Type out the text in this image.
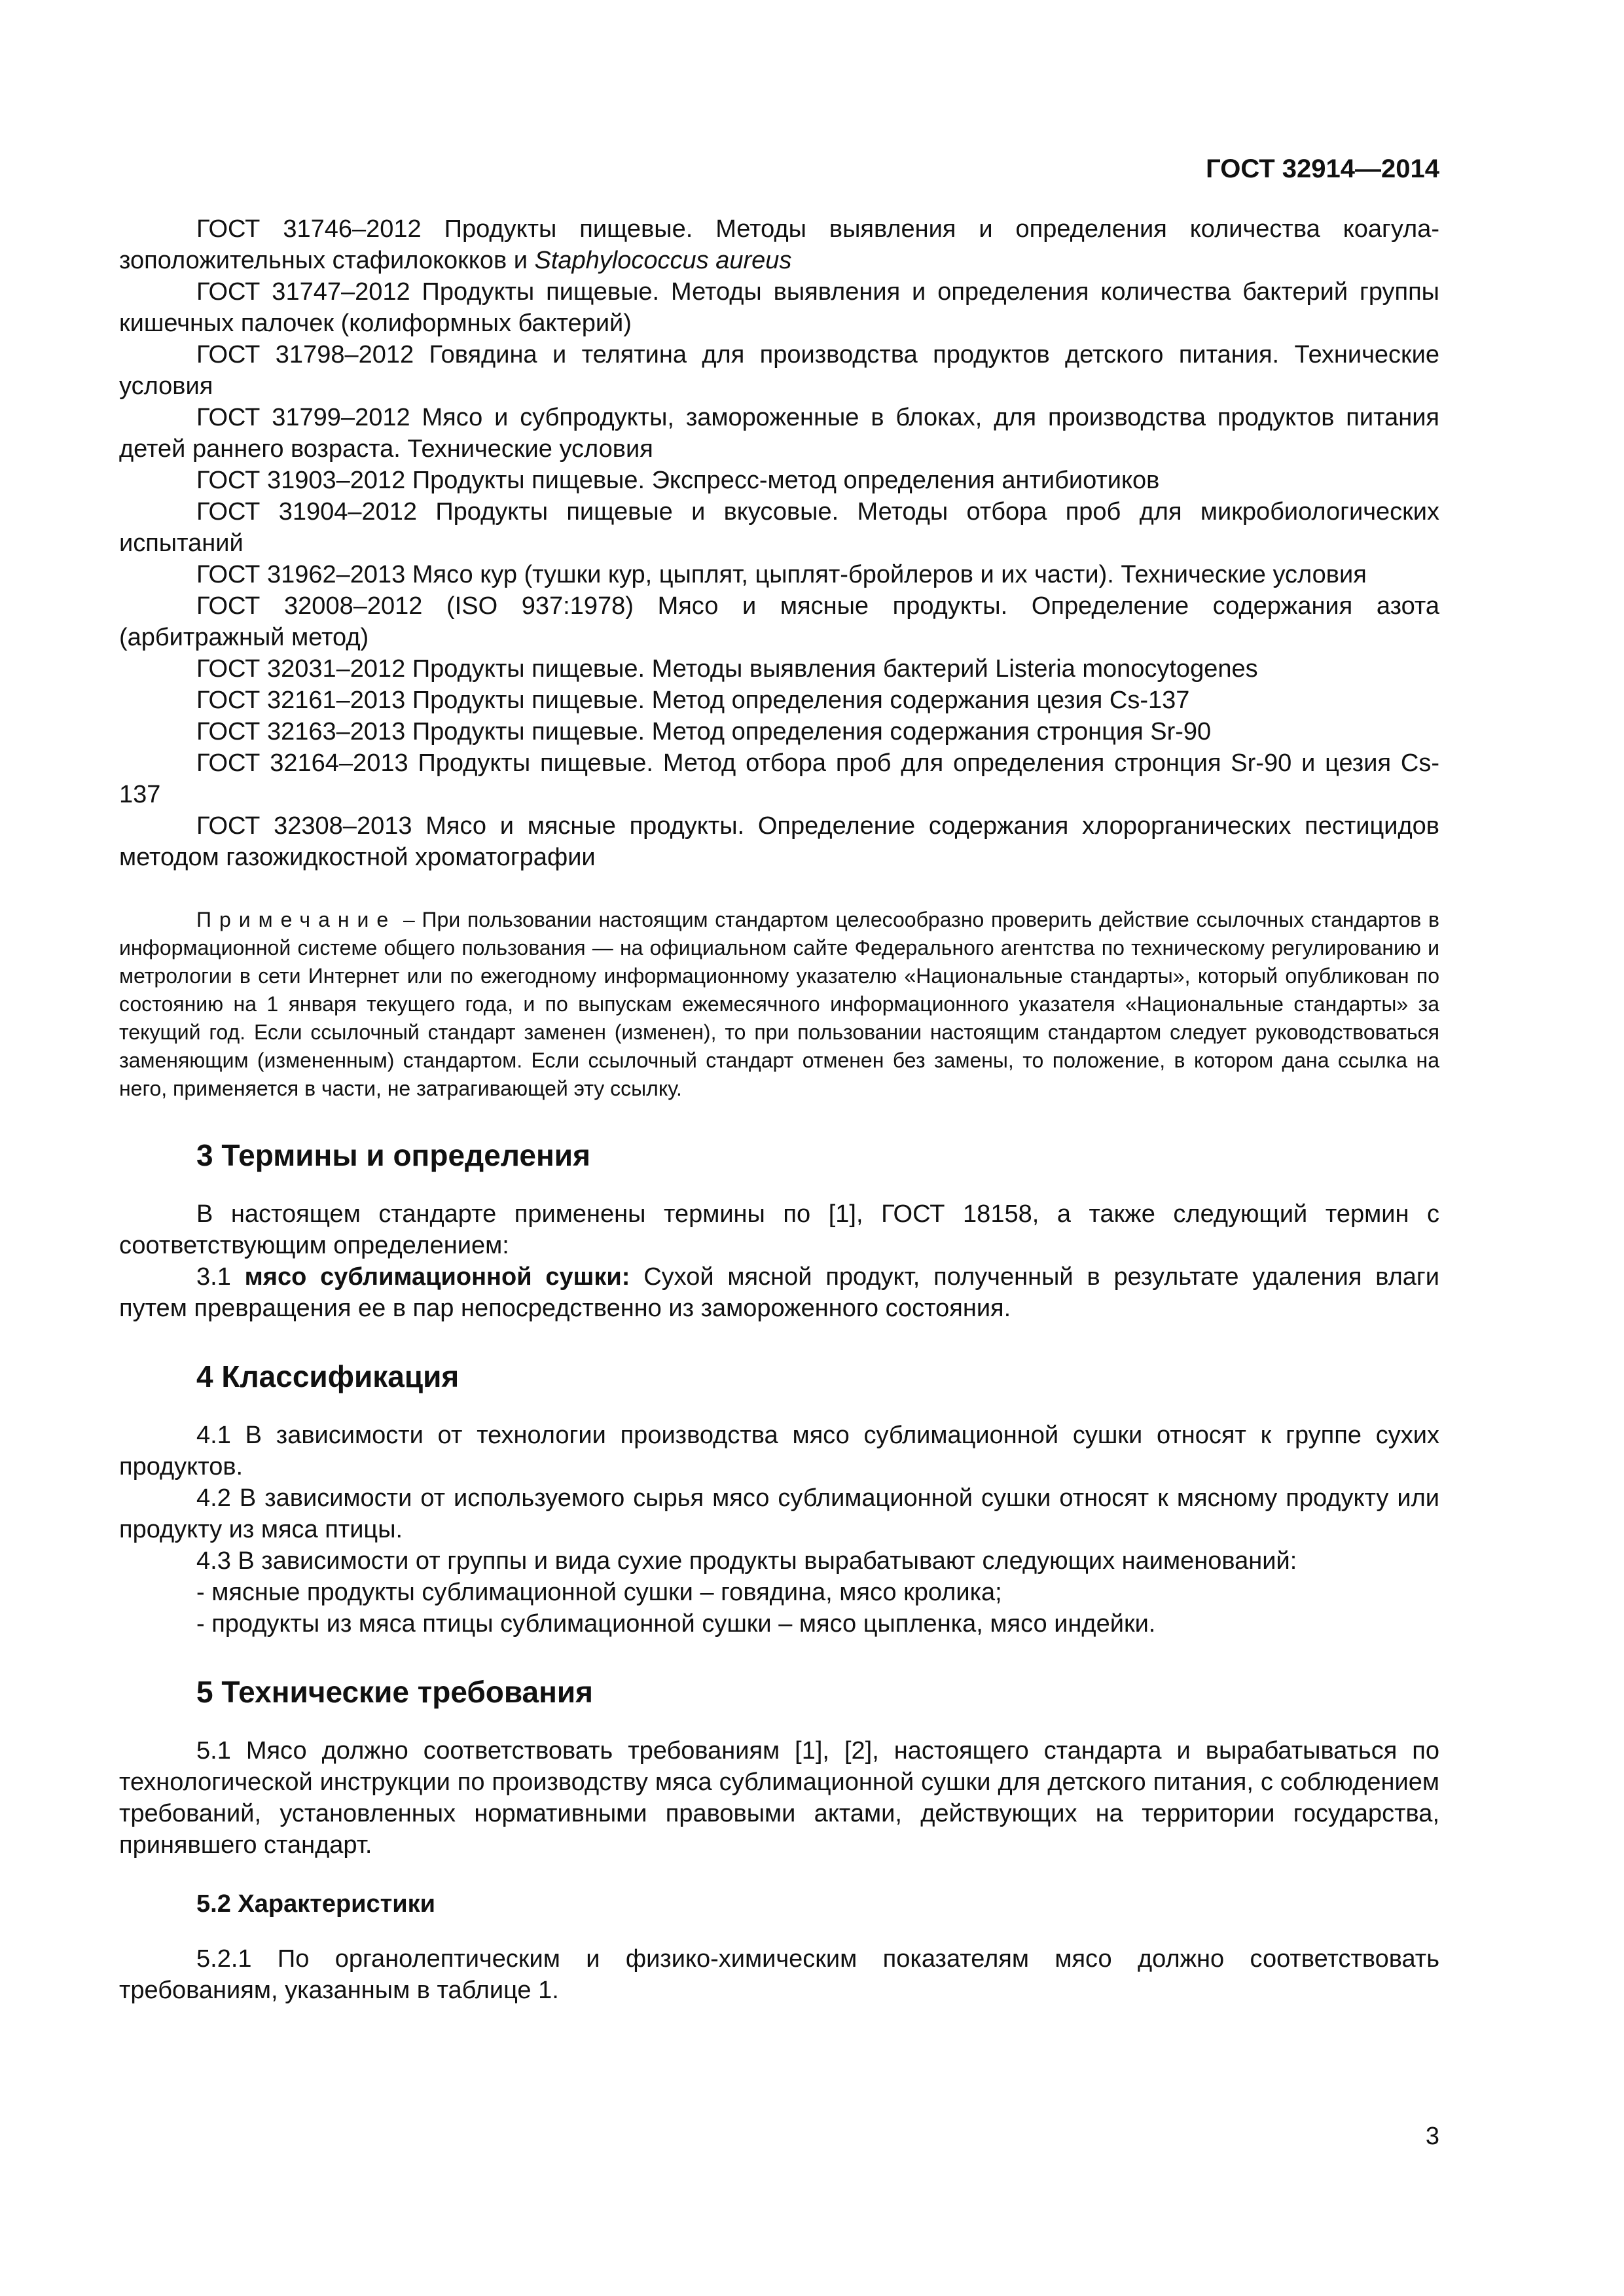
ГОСТ 32914—2014

ГОСТ 31746–2012 Продукты пищевые. Методы выявления и определения количества коагулазоположительных стафилококков и Staphylococcus aureus

ГОСТ 31747–2012 Продукты пищевые. Методы выявления и определения количества бактерий группы кишечных палочек (колиформных бактерий)

ГОСТ 31798–2012 Говядина и телятина для производства продуктов детского питания. Технические условия

ГОСТ 31799–2012 Мясо и субпродукты, замороженные в блоках, для производства продуктов питания детей раннего возраста. Технические условия

ГОСТ 31903–2012 Продукты пищевые. Экспресс-метод определения антибиотиков

ГОСТ 31904–2012 Продукты пищевые и вкусовые. Методы отбора проб для микробиологических испытаний

ГОСТ 31962–2013 Мясо кур (тушки кур, цыплят, цыплят-бройлеров и их части). Технические условия

ГОСТ 32008–2012 (ISO 937:1978) Мясо и мясные продукты. Определение содержания азота (арбитражный метод)

ГОСТ 32031–2012 Продукты пищевые. Методы выявления бактерий Listeria monocytogenes

ГОСТ 32161–2013 Продукты пищевые. Метод определения содержания цезия Cs-137

ГОСТ 32163–2013 Продукты пищевые. Метод определения содержания стронция Sr-90

ГОСТ 32164–2013 Продукты пищевые. Метод отбора проб для определения стронция Sr-90 и цезия Cs-137

ГОСТ 32308–2013 Мясо и мясные продукты. Определение содержания хлорорганических пестицидов методом газожидкостной хроматографии

Примечание – При пользовании настоящим стандартом целесообразно проверить действие ссылочных стандартов в информационной системе общего пользования — на официальном сайте Федерального агентства по техническому регулированию и метрологии в сети Интернет или по ежегодному информационному указателю «Национальные стандарты», который опубликован по состоянию на 1 января текущего года, и по выпускам ежемесячного информационного указателя «Национальные стандарты» за текущий год. Если ссылочный стандарт заменен (изменен), то при пользовании настоящим стандартом следует руководствоваться заменяющим (измененным) стандартом. Если ссылочный стандарт отменен без замены, то положение, в котором дана ссылка на него, применяется в части, не затрагивающей эту ссылку.

3 Термины и определения

В настоящем стандарте применены термины по [1], ГОСТ 18158, а также следующий термин с соответствующим определением:

3.1 мясо сублимационной сушки: Сухой мясной продукт, полученный в результате удаления влаги путем превращения ее в пар непосредственно из замороженного состояния.

4 Классификация

4.1 В зависимости от технологии производства мясо сублимационной сушки относят к группе сухих продуктов.

4.2 В зависимости от используемого сырья мясо сублимационной сушки относят к мясному продукту или продукту из мяса птицы.

4.3 В зависимости от группы и вида сухие продукты вырабатывают следующих наименований:

- мясные продукты сублимационной сушки – говядина, мясо кролика;

- продукты из мяса птицы сублимационной сушки – мясо цыпленка, мясо индейки.

5 Технические требования

5.1 Мясо должно соответствовать требованиям [1], [2], настоящего стандарта и вырабатываться по технологической инструкции по производству мяса сублимационной сушки для детского питания, с соблюдением требований, установленных нормативными правовыми актами, действующих на территории государства, принявшего стандарт.

5.2 Характеристики

5.2.1 По органолептическим и физико-химическим показателям мясо должно соответствовать требованиям, указанным в таблице 1.

3
